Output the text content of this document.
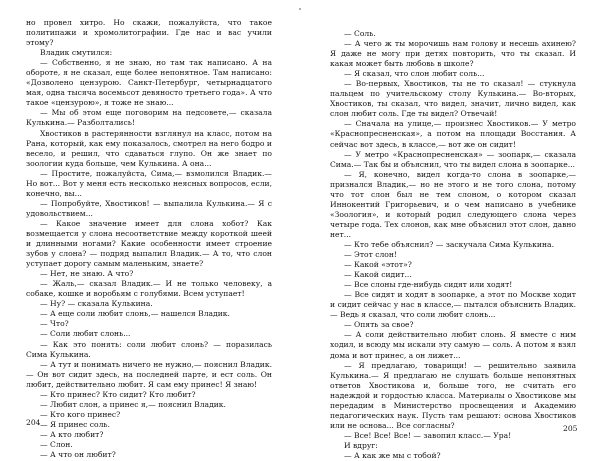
но провел хитро. Но скажи, пожалуйста, что такое политипажи и хромолитографии. Где нас и вас учили этому?

Владик смутился:

— Собственно, я не знаю, но там так написано. А на обороте, я не сказал, еще более непонятное. Там написано: «Дозволено цензурою. Санкт-Петербург, четырнадцатого мая, одна тысяча восемьсот девяносто третьего года». А что такое «цензурою», я тоже не знаю...

— Мы об этом еще поговорим на педсовете,— сказала Кулькина.— Разболтались!

Хвостиков в растерянности взглянул на класс, потом на Рана, который, как ему показалось, смотрел на него бодро и весело, и решил, что сдаваться глупо. Он же знает по зоологии куда больше, чем Кулькина. А она...

— Простите, пожалуйста, Сима,— взмолился Владик.— Но вот... Вот у меня есть несколько неясных вопросов, если, конечно, вы...

— Попробуйте, Хвостиков! — выпалила Кулькина.— Я с удовольствием...

— Какое значение имеет для слона хобот? Как возмещается у слона несоответствие между короткой шеей и длинными ногами? Какие особенности имеет строение зубов у слона? — подряд выпалил Владик.— А то, что слон уступает дорогу самым маленьким, знаете?

— Нет, не знаю. А что?

— Жаль,— сказал Владик.— И не только человеку, а собаке, кошке и воробьям с голубями. Всем уступает!

— Ну? — сказала Кулькина.

— А еще соли любит слонь,— нашелся Владик.

— Что?

— Соли любит слонь...

— Как это понять: соли любит слонь? — поразилась Сима Кулькина.

— А тут и понимать ничего не нужно,— пояснил Владик.— Он вот сидит здесь, на последней парте, и ест соль. Он любит, действительно любит. Я сам ему принес! Я знаю!

— Кто принес? Кто сидит? Кто любит?

— Любит слон, а принес я,— пояснил Владик.

— Кто кого принес?

— Я принес соль.

— А кто любит?

— Слон.

— А что он любит?

204

— Соль.

— А чего ж ты морочишь нам голову и несешь ахинею? Я даже не могу при детях повторить, что ты сказал. И какая может быть любовь в школе?

— Я сказал, что слон любит соль...

— Во-первых, Хвостиков, ты не то сказал! — стукнула пальцем по учительскому столу Кулькина.— Во-вторых, Хвостиков, ты сказал, что видел, значит, лично видел, как слон любит соль. Где ты видел? Отвечай!

— Сначала на улице,— произнес Хвостиков.— У метро «Краснопресненская», а потом на площади Восстания. А сейчас вот здесь, в классе,— вот же он сидит!

— У метро «Краснопресненская» — зоопарк,— сказала Сима.— Так бы и объяснил, что ты видел слона в зоопарке...

— Я, конечно, видел когда-то слона в зоопарке,— признался Владик,— но не этого и не того слона, потому что тот слон был не тем слоном, о котором сказал Иннокентий Григорьевич, и о чем написано в учебнике «Зоология», и который родил следующего слона через четыре года. Тех слонов, как мне объяснил этот слон, давно нет...

— Кто тебе объяснил? — заскучала Сима Кулькина.

— Этот слон!

— Какой «этот»?

— Какой сидит...

— Все слоны где-нибудь сидят или ходят!

— Все сидят и ходят в зоопарке, а этот по Москве ходит и сидит сейчас у нас в классе,— пытался объяснить Владик.— Ведь я сказал, что соли любит слонь...

— Опять за свое?

— А соли действительно любит слонь. Я вместе с ним ходил, и всюду мы искали эту самую — соль. А потом я взял дома и вот принес, а он лижет...

— Я предлагаю, товарищи! — решительно заявила Кулькина.— Я предлагаю не слушать больше непонятных ответов Хвостикова и, больше того, не считать его надеждой и гордостью класса. Материалы о Хвостикове мы передадим в Министерство просвещения и Академию педагогических наук. Пусть там решают: основа Хвостиков или не основа... Все согласны?

— Все! Все! Все! — завопил класс.— Ура!

И вдруг:

— А как же мы с тобой?

205
